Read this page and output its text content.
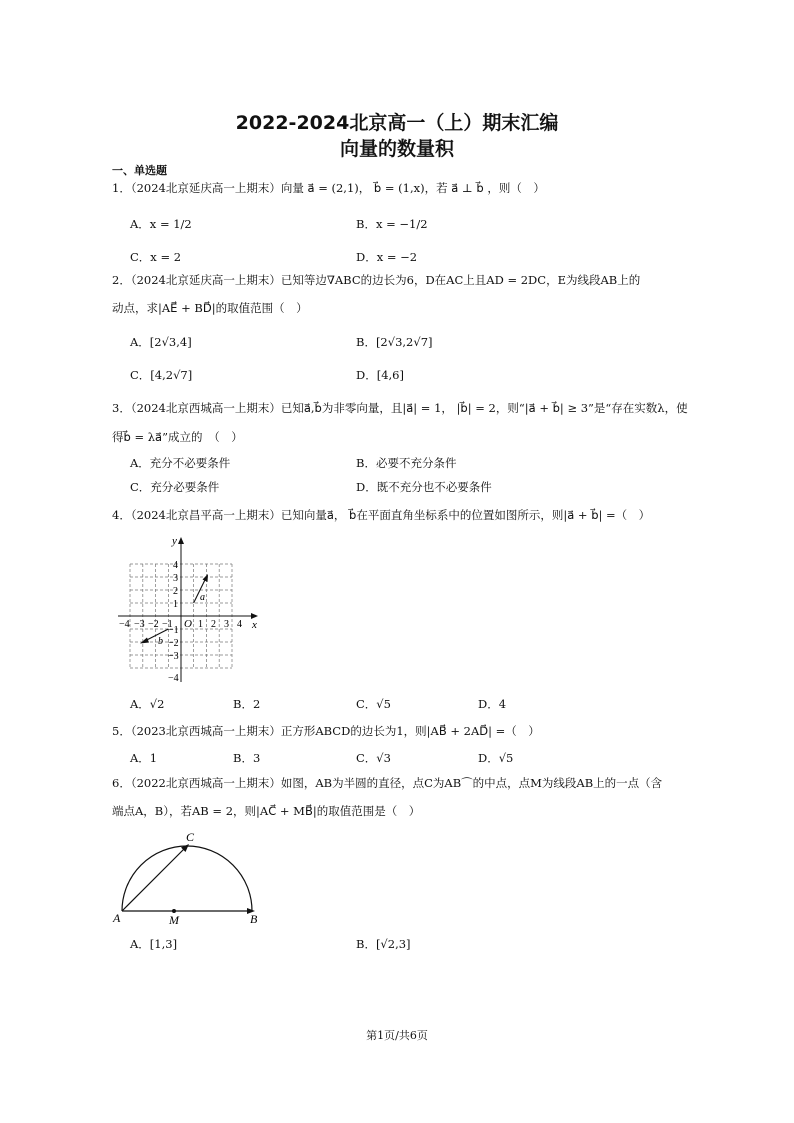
2022-2024北京高一（上）期末汇编
向量的数量积
一、单选题
1．（2024北京延庆高一上期末）向量 a⃗ = (2,1)， b⃗ = (1,x)，若 a⃗ ⊥ b⃗ ，则（　）
A．x = 1/2	B．x = −1/2
C．x = 2	D．x = −2
2．（2024北京延庆高一上期末）已知等边∇ABC的边长为6，D在AC上且AD = 2DC，E为线段AB上的
动点，求|AE⃗ + BD⃗|的取值范围（　）
A．[2√3,4]	B．[2√3,2√7]
C．[4,2√7]	D．[4,6]
3．（2024北京西城高一上期末）已知a⃗,b⃗为非零向量，且|a⃗| = 1， |b⃗| = 2，则“|a⃗ + b⃗| ≥ 3”是“存在实数λ，使
得b⃗ = λa⃗”成立的　（　）
A．充分不必要条件	B．必要不充分条件
C．充分必要条件	D．既不充分也不必要条件
4．（2024北京昌平高一上期末）已知向量a⃗， b⃗在平面直角坐标系中的位置如图所示，则|a⃗ + b⃗| =（　）
x
y
O
−4 −3 −2 −1	1 2 3 4
4
3
2
1
−1
−2
−3
−4
a⃗
b⃗
A．√2	B．2	C．√5	D．4
5．（2023北京西城高一上期末）正方形ABCD的边长为1，则|AB⃗ + 2AD⃗| =（　）
A．1	B．3	C．√3	D．√5
6．（2022北京西城高一上期末）如图，AB为半圆的直径，点C为AB⌒的中点，点M为线段AB上的一点（含
端点A，B），若AB = 2，则|AC⃗ + MB⃗|的取值范围是（　）
A	B
C
M
A．[1,3]	B．[√2,3]
第1页/共6页
